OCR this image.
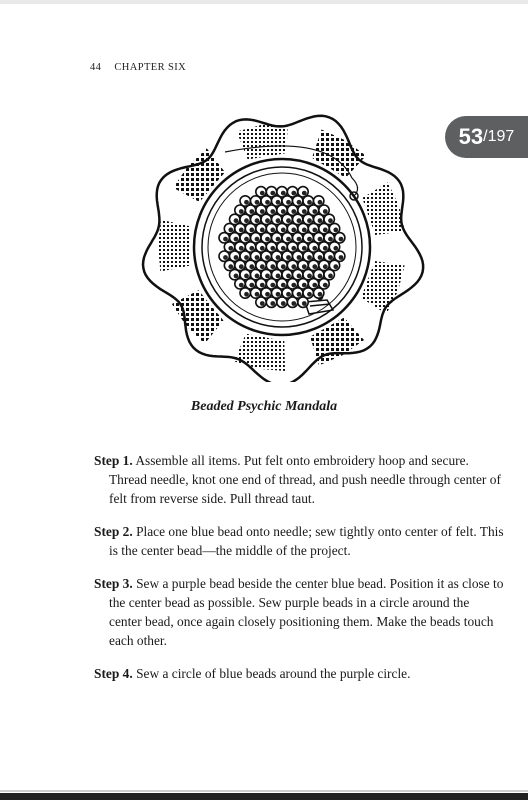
44 CHAPTER SIX
53 / 197
Beaded Psychic Mandala

Step 1. Assemble all items. Put felt onto embroidery hoop and secure. Thread needle, knot one end of thread, and push needle through center of felt from reverse side. Pull thread taut.

Step 2. Place one blue bead onto needle; sew tightly onto center of felt. This is the center bead—the middle of the project.

Step 3. Sew a purple bead beside the center blue bead. Position it as close to the center bead as possible. Sew purple beads in a circle around the center bead, once again closely positioning them. Make the beads touch each other.

Step 4. Sew a circle of blue beads around the purple circle.
